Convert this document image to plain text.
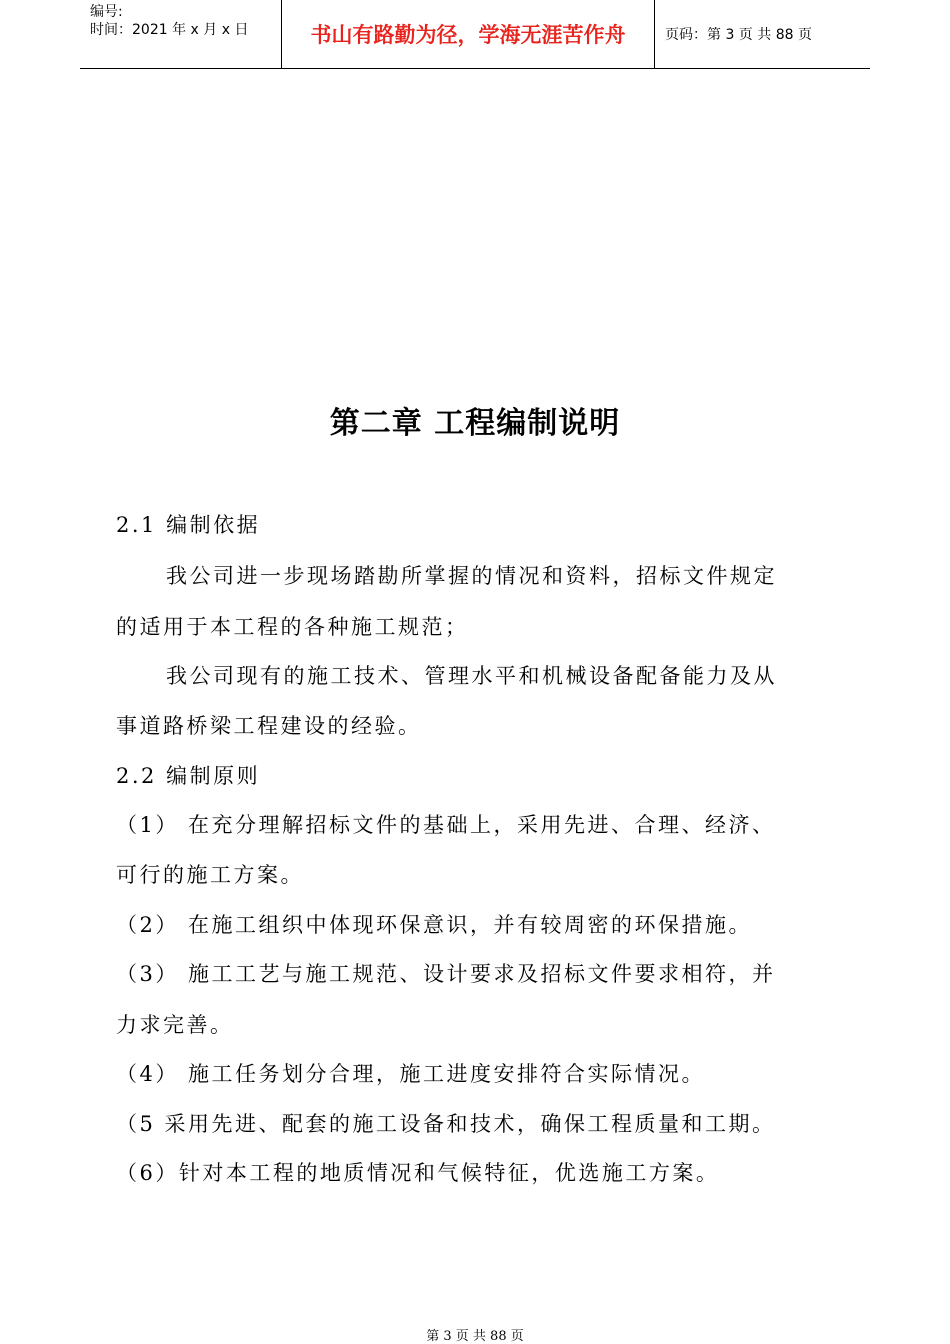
编号:
时间：2021 年 x 月 x 日	书山有路勤为径，学海无涯苦作舟	页码：第 3 页 共 88 页
第二章 工程编制说明
2.1 编制依据
我公司进一步现场踏勘所掌握的情况和资料，招标文件规定
的适用于本工程的各种施工规范；
我公司现有的施工技术、管理水平和机械设备配备能力及从
事道路桥梁工程建设的经验。
2.2 编制原则
（1） 在充分理解招标文件的基础上，采用先进、合理、经济、
可行的施工方案。
（2） 在施工组织中体现环保意识，并有较周密的环保措施。
（3） 施工工艺与施工规范、设计要求及招标文件要求相符，并
力求完善。
（4） 施工任务划分合理，施工进度安排符合实际情况。
（5 采用先进、配套的施工设备和技术，确保工程质量和工期。
（6）针对本工程的地质情况和气候特征，优选施工方案。
第 3 页 共 88 页
